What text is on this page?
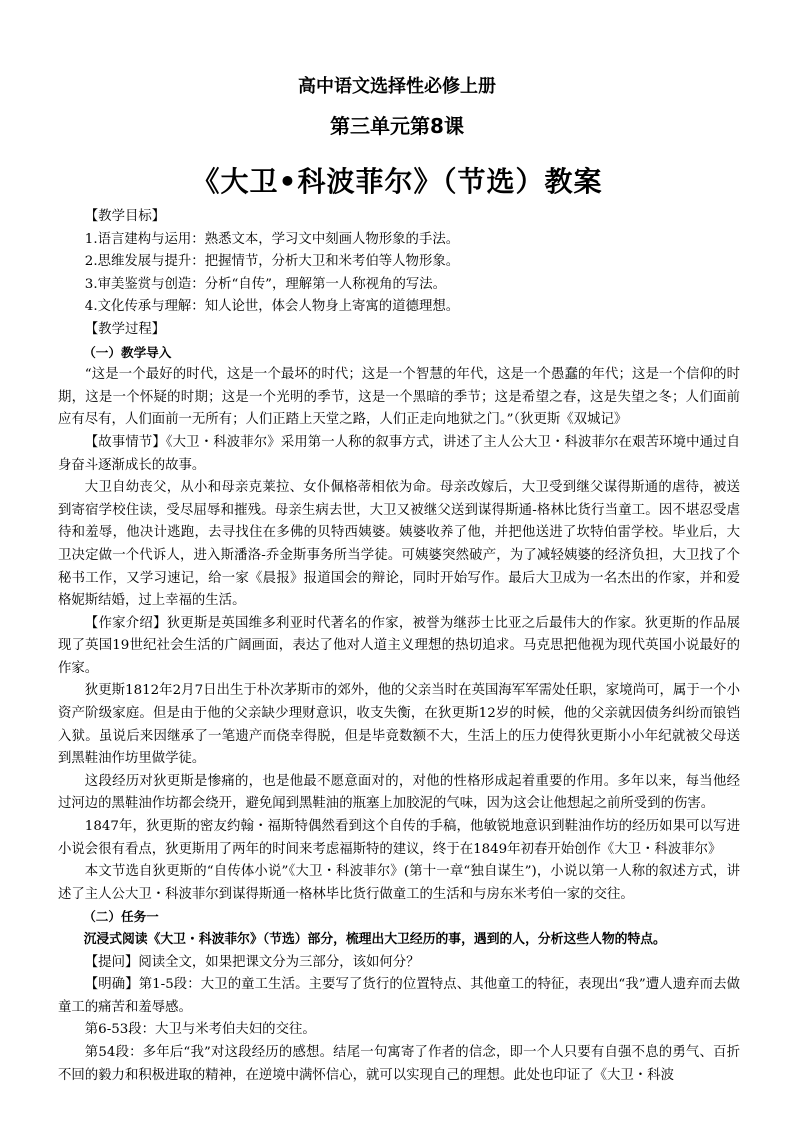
高中语文选择性必修上册
第三单元第8课
《大卫•科波菲尔》（节选）教案

【教学目标】

1.语言建构与运用：熟悉文本，学习文中刻画人物形象的手法。

2.思维发展与提升：把握情节，分析大卫和米考伯等人物形象。

3.审美鉴赏与创造：分析“自传”，理解第一人称视角的写法。

4.文化传承与理解：知人论世，体会人物身上寄寓的道德理想。

【教学过程】

（一）教学导入

“这是一个最好的时代，这是一个最坏的时代；这是一个智慧的年代，这是一个愚蠢的年代；这是一个信仰的时期，这是一个怀疑的时期；这是一个光明的季节，这是一个黑暗的季节；这是希望之春，这是失望之冬；人们面前应有尽有，人们面前一无所有；人们正踏上天堂之路，人们正走向地狱之门。”（狄更斯《双城记》

【故事情节】《大卫・科波菲尔》采用第一人称的叙事方式，讲述了主人公大卫・科波菲尔在艰苦环境中通过自身奋斗逐渐成长的故事。

大卫自幼丧父，从小和母亲克莱拉、女仆佩格蒂相依为命。母亲改嫁后，大卫受到继父谋得斯通的虐待，被送到寄宿学校住读，受尽屈辱和摧残。母亲生病去世，大卫又被继父送到谋得斯通-格林比货行当童工。因不堪忍受虐待和羞辱，他决计逃跑，去寻找住在多佛的贝特西姨婆。姨婆收养了他，并把他送进了坎特伯雷学校。毕业后，大卫决定做一个代诉人，进入斯潘洛-乔金斯事务所当学徒。可姨婆突然破产，为了减轻姨婆的经济负担，大卫找了个秘书工作，又学习速记，给一家《晨报》报道国会的辩论，同时开始写作。最后大卫成为一名杰出的作家，并和爱格妮斯结婚，过上幸福的生活。

【作家介绍】狄更斯是英国维多利亚时代著名的作家，被誉为继莎士比亚之后最伟大的作家。狄更斯的作品展现了英国19世纪社会生活的广阔画面，表达了他对人道主义理想的热切追求。马克思把他视为现代英国小说最好的作家。

狄更斯1812年2月7日出生于朴次茅斯市的郊外，他的父亲当时在英国海军军需处任职，家境尚可，属于一个小资产阶级家庭。但是由于他的父亲缺少理财意识，收支失衡，在狄更斯12岁的时候，他的父亲就因债务纠纷而锒铛入狱。虽说后来因继承了一笔遗产而侥幸得脱，但是毕竟数额不大，生活上的压力使得狄更斯小小年纪就被父母送到黑鞋油作坊里做学徒。

这段经历对狄更斯是惨痛的，也是他最不愿意面对的，对他的性格形成起着重要的作用。多年以来，每当他经过河边的黑鞋油作坊都会绕开，避免闻到黑鞋油的瓶塞上加胶泥的气味，因为这会让他想起之前所受到的伤害。

1847年，狄更斯的密友约翰・福斯特偶然看到这个自传的手稿，他敏锐地意识到鞋油作坊的经历如果可以写进小说会很有看点，狄更斯用了两年的时间来考虑福斯特的建议，终于在1849年初春开始创作《大卫・科波菲尔》

本文节选自狄更斯的“自传体小说”《大卫・科波菲尔》(第十一章“独自谋生”)，小说以第一人称的叙述方式，讲述了主人公大卫・科波菲尔到谋得斯通一格林毕比货行做童工的生活和与房东米考伯一家的交往。

（二）任务一

沉浸式阅读《大卫・科波菲尔》（节选）部分，梳理出大卫经历的事，遇到的人，分析这些人物的特点。

【提问】阅读全文，如果把课文分为三部分，该如何分？

【明确】第1-5段：大卫的童工生活。主要写了货行的位置特点、其他童工的特征，表现出“我”遭人遗弃而去做童工的痛苦和羞辱感。

第6-53段：大卫与米考伯夫妇的交往。

第54段：多年后“我”对这段经历的感想。结尾一句寓寄了作者的信念，即一个人只要有自强不息的勇气、百折不回的毅力和积极进取的精神，在逆境中满怀信心，就可以实现自己的理想。此处也印证了《大卫・科波
